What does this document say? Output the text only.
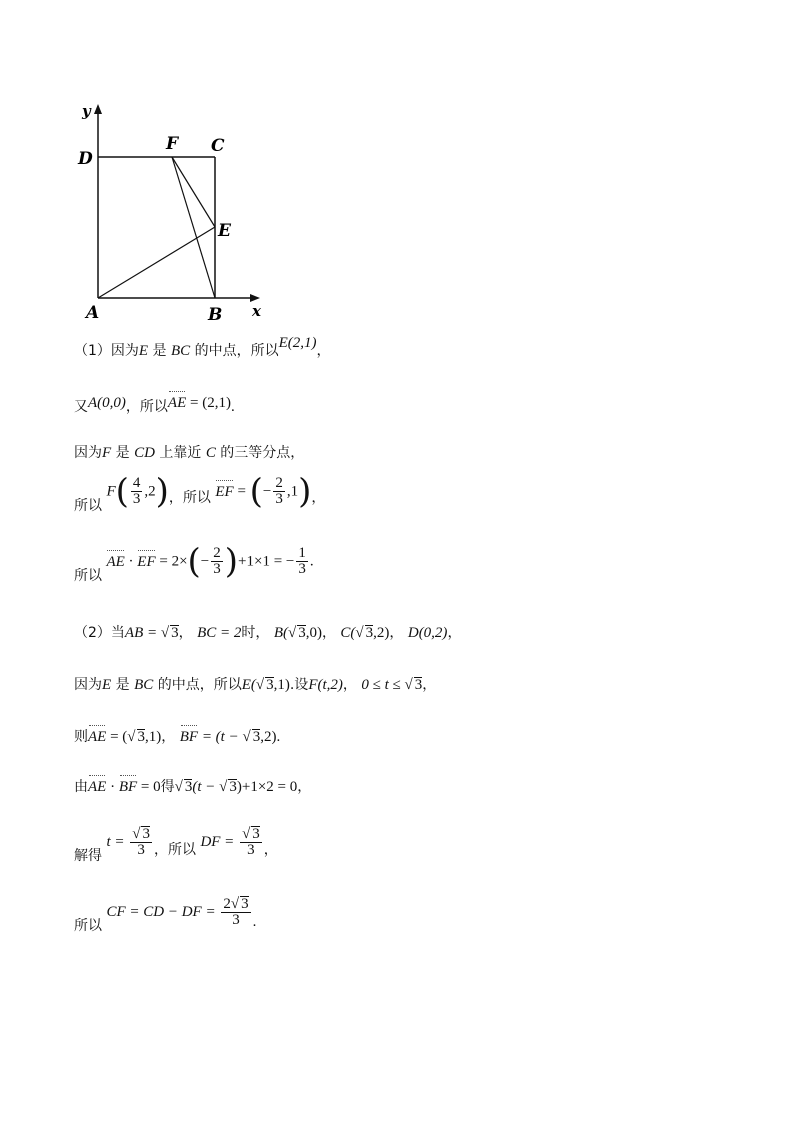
y
D
F C
E
A	B x
（1）因为E 是 BC 的中点，所以E(2,1)，
又A(0,0)，所以AE = (2,1).
因为F 是 CD 上靠近 C 的三等分点，
所以 $F( \frac{4}{3} ,2)$，所以 EF = (− $\frac{2}{3} ,1$)，
所以 AE · EF = $2\times(- \frac{2}{3} )+1\times 1$ = − $\frac{1}{3}$ .
（2）当AB = √ 3， BC = 2时， B(√ 3,0)， C(√ 3,2)， D(0,2)，
因为E 是 BC 的中点，所以E(√ 3,1).设F(t,2)， 0 ≤ t ≤ √ 3，
则AE = (√ 3,1)， BF = (t − √ 3,2).
由AE · BF = 0得√ 3(t − √ 3)+1×2 = 0，
解得 $t = \frac{√ 3}{3}$ ，所以 DF = $\frac{√ 3}{3}$ ，
所以 CF = CD − DF = $\frac{2√ 3}{3}$ .
